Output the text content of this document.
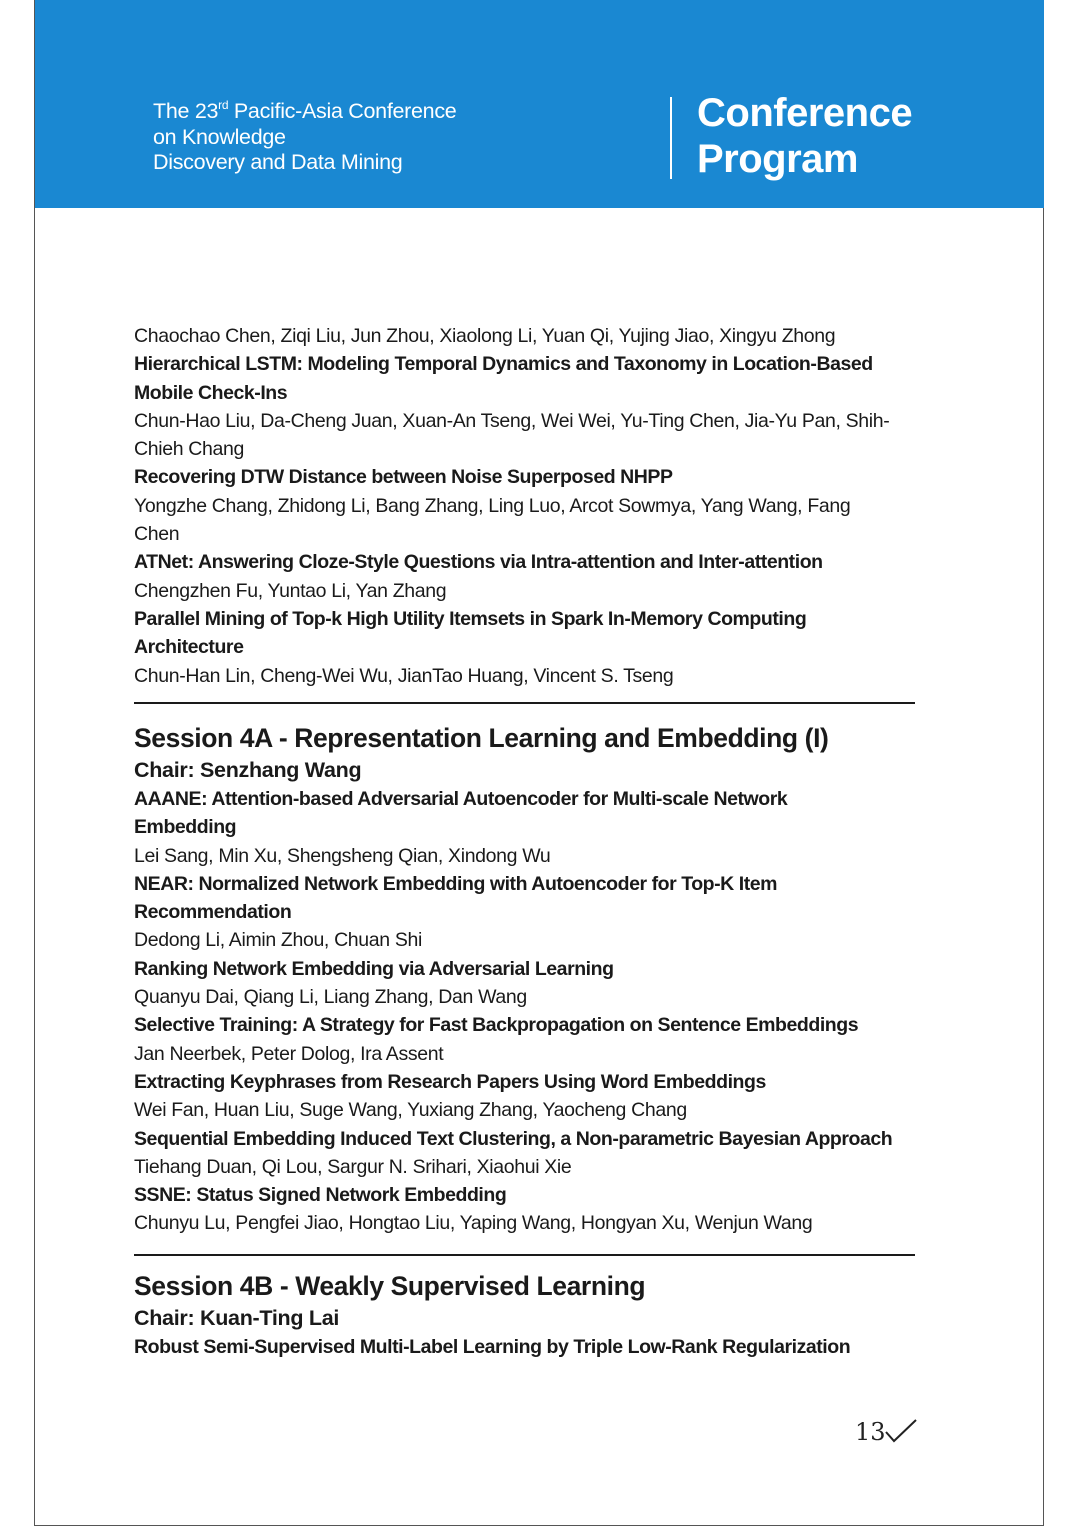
The 23rd Pacific-Asia Conference
on Knowledge
Discovery and Data Mining
Conference
Program
Chaochao Chen, Ziqi Liu, Jun Zhou, Xiaolong Li, Yuan Qi, Yujing Jiao, Xingyu Zhong
Hierarchical LSTM: Modeling Temporal Dynamics and Taxonomy in Location-Based
Mobile Check-Ins
Chun-Hao Liu, Da-Cheng Juan, Xuan-An Tseng, Wei Wei, Yu-Ting Chen, Jia-Yu Pan, Shih-
Chieh Chang
Recovering DTW Distance between Noise Superposed NHPP
Yongzhe Chang, Zhidong Li, Bang Zhang, Ling Luo, Arcot Sowmya, Yang Wang, Fang
Chen
ATNet: Answering Cloze-Style Questions via Intra-attention and Inter-attention
Chengzhen Fu, Yuntao Li, Yan Zhang
Parallel Mining of Top-k High Utility Itemsets in Spark In-Memory Computing
Architecture
Chun-Han Lin, Cheng-Wei Wu, JianTao Huang, Vincent S. Tseng
Session 4A - Representation Learning and Embedding (I)
Chair: Senzhang Wang
AAANE: Attention-based Adversarial Autoencoder for Multi-scale Network
Embedding
Lei Sang, Min Xu, Shengsheng Qian, Xindong Wu
NEAR: Normalized Network Embedding with Autoencoder for Top-K Item
Recommendation
Dedong Li, Aimin Zhou, Chuan Shi
Ranking Network Embedding via Adversarial Learning
Quanyu Dai, Qiang Li, Liang Zhang, Dan Wang
Selective Training: A Strategy for Fast Backpropagation on Sentence Embeddings
Jan Neerbek, Peter Dolog, Ira Assent
Extracting Keyphrases from Research Papers Using Word Embeddings
Wei Fan, Huan Liu, Suge Wang, Yuxiang Zhang, Yaocheng Chang
Sequential Embedding Induced Text Clustering, a Non-parametric Bayesian Approach
Tiehang Duan, Qi Lou, Sargur N. Srihari, Xiaohui Xie
SSNE: Status Signed Network Embedding
Chunyu Lu, Pengfei Jiao, Hongtao Liu, Yaping Wang, Hongyan Xu, Wenjun Wang
Session 4B - Weakly Supervised Learning
Chair: Kuan-Ting Lai
Robust Semi-Supervised Multi-Label Learning by Triple Low-Rank Regularization
13
